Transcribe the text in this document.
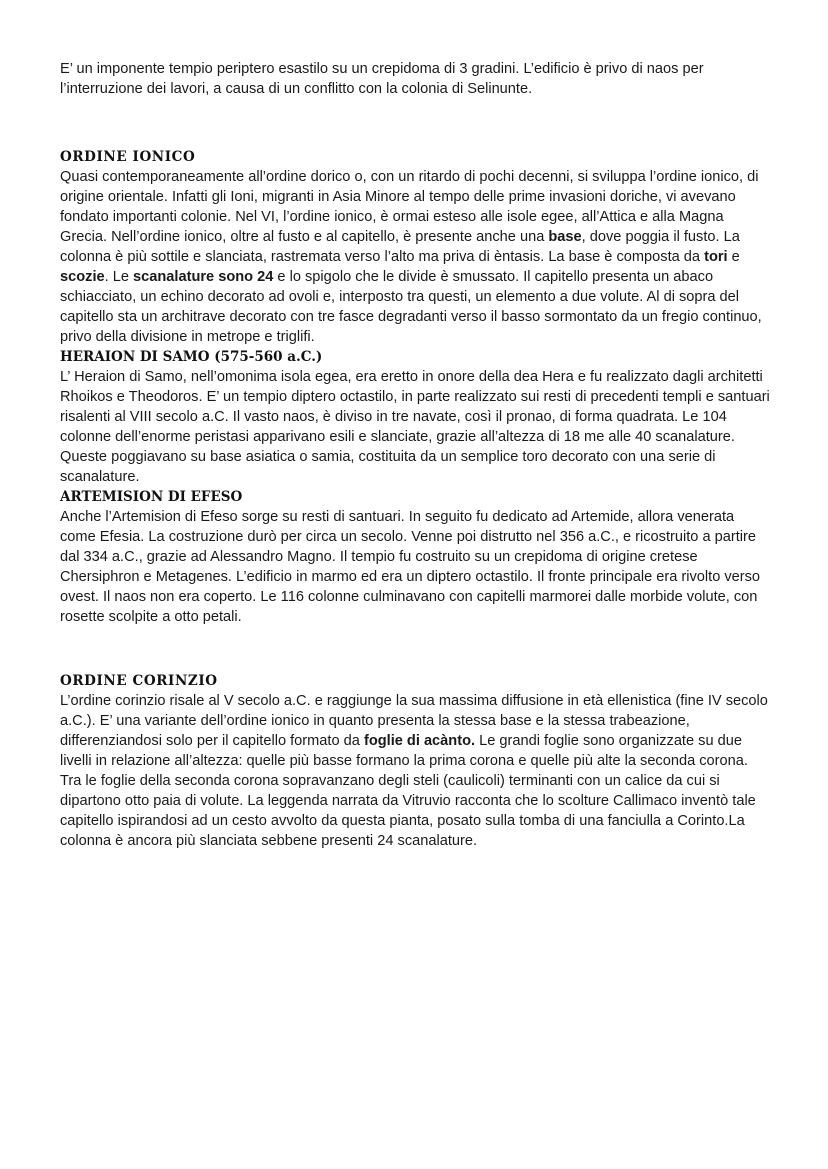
E’ un imponente tempio periptero esastilo su un crepidoma di 3 gradini. L’edificio è privo di naos per l’interruzione dei lavori, a causa di un conflitto con la colonia di Selinunte.

ORDINE IONICO

Quasi contemporaneamente all’ordine dorico o, con un ritardo di pochi decenni, si sviluppa l’ordine ionico, di origine orientale. Infatti gli Ioni, migranti in Asia Minore al tempo delle prime invasioni doriche, vi avevano fondato importanti colonie. Nel VI, l’ordine ionico, è ormai esteso alle isole egee, all’Attica e alla Magna Grecia. Nell’ordine ionico, oltre al fusto e al capitello, è presente anche una base, dove poggia il fusto. La colonna è più sottile e slanciata, rastremata verso l’alto ma priva di èntasis. La base è composta da tori e scozie. Le scanalature sono 24 e lo spigolo che le divide è smussato. Il capitello presenta un abaco schiacciato, un echino decorato ad ovoli e, interposto tra questi, un elemento a due volute. Al di sopra del capitello sta un architrave decorato con tre fasce degradanti verso il basso sormontato da un fregio continuo, privo della divisione in metrope e triglifi.

HERAION DI SAMO (575-560 a.C.)

L’ Heraion di Samo, nell’omonima isola egea, era eretto in onore della dea Hera e fu realizzato dagli architetti Rhoikos e Theodoros. E’ un tempio diptero octastilo, in parte realizzato sui resti di precedenti templi e santuari risalenti al VIII secolo a.C. Il vasto naos, è diviso in tre navate, così il pronao, di forma quadrata. Le 104 colonne dell’enorme peristasi apparivano esili e slanciate, grazie all’altezza di 18 me alle 40 scanalature. Queste poggiavano su base asiatica o samia, costituita da un semplice toro decorato con una serie di scanalature.

ARTEMISION DI EFESO

Anche l’Artemision di Efeso sorge su resti di santuari. In seguito fu dedicato ad Artemide, allora venerata come Efesia. La costruzione durò per circa un secolo. Venne poi distrutto nel 356 a.C., e ricostruito a partire dal 334 a.C., grazie ad Alessandro Magno. Il tempio fu costruito su un crepidoma di origine cretese Chersiphron e Metagenes. L’edificio in marmo ed era un diptero octastilo. Il fronte principale era rivolto verso ovest. Il naos non era coperto. Le 116 colonne culminavano con capitelli marmorei dalle morbide volute, con rosette scolpite a otto petali.

ORDINE CORINZIO

L’ordine corinzio risale al V secolo a.C. e raggiunge la sua massima diffusione in età ellenistica (fine IV secolo a.C.). E’ una variante dell’ordine ionico in quanto presenta la stessa base e la stessa trabeazione, differenziandosi solo per il capitello formato da foglie di acànto. Le grandi foglie sono organizzate su due livelli in relazione all’altezza: quelle più basse formano la prima corona e quelle più alte la seconda corona. Tra le foglie della seconda corona sopravanzano degli steli (caulicoli) terminanti con un calice da cui si dipartono otto paia di volute. La leggenda narrata da Vitruvio racconta che lo scolture Callimaco inventò tale capitello ispirandosi ad un cesto avvolto da questa pianta, posato sulla tomba di una fanciulla a Corinto.La colonna è ancora più slanciata sebbene presenti 24 scanalature.
